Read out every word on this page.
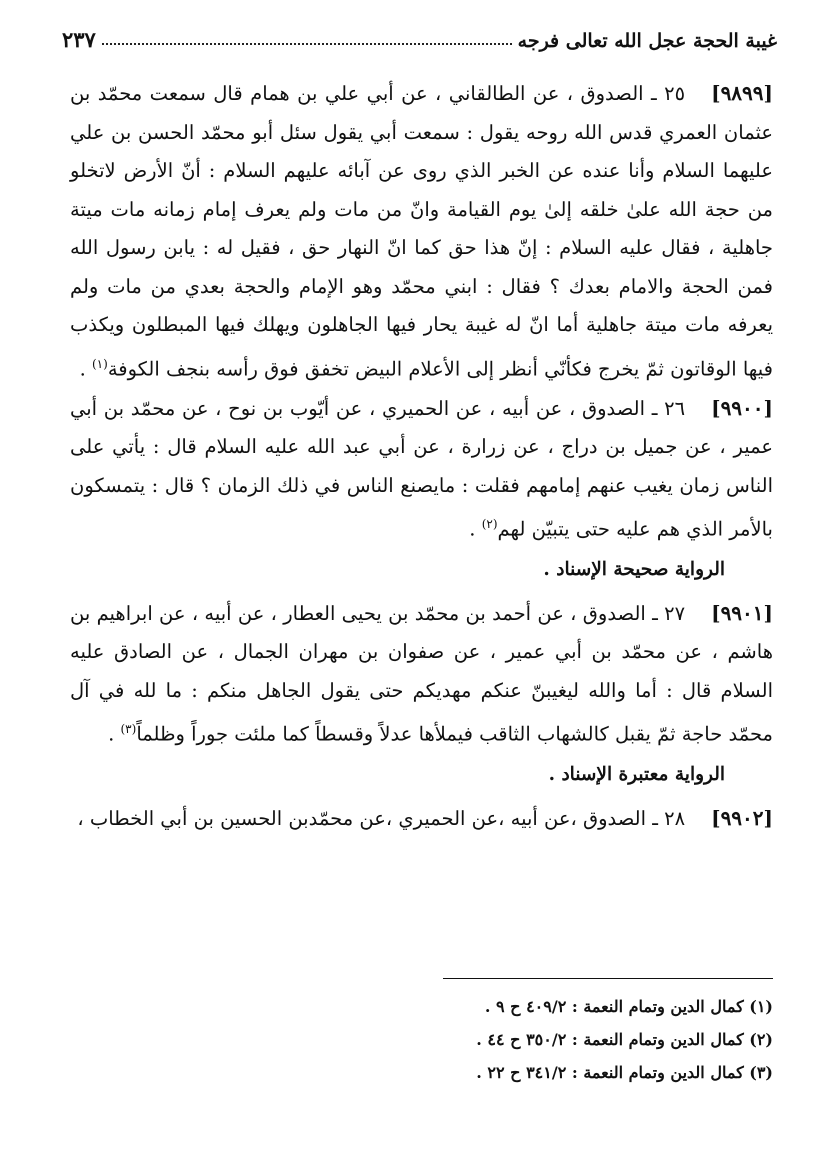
٢٣٧	غيبة الحجة عجل الله تعالى فرجه

[٩٨٩٩]٢٥ ـ الصدوق ، عن الطالقاني ، عن أبي علي بن همام قال سمعت محمّد بن عثمان العمري قدس الله روحه يقول : سمعت أبي يقول سئل أبو محمّد الحسن بن علي عليهما السلام وأنا عنده عن الخبر الذي روى عن آبائه عليهم السلام : أنّ الأرض لاتخلو من حجة الله علىٰ خلقه إلىٰ يوم القيامة وانّ من مات ولم يعرف إمام زمانه مات ميتة جاهلية ، فقال عليه السلام : إنّ هذا حق كما انّ النهار حق ، فقيل له : يابن رسول الله فمن الحجة والامام بعدك ؟ فقال : ابني محمّد وهو الإمام والحجة بعدي من مات ولم يعرفه مات ميتة جاهلية أما انّ له غيبة يحار فيها الجاهلون ويهلك فيها المبطلون ويكذب فيها الوقاتون ثمّ يخرج فكأنّي أنظر إلى الأعلام البيض تخفق فوق رأسه بنجف الكوفة$^{(١)}$ .

[٩٩٠٠]٢٦ ـ الصدوق ، عن أبيه ، عن الحميري ، عن أيّوب بن نوح ، عن محمّد بن أبي عمير ، عن جميل بن دراج ، عن زرارة ، عن أبي عبد الله عليه السلام قال : يأتي على الناس زمان يغيب عنهم إمامهم فقلت : مايصنع الناس في ذلك الزمان ؟ قال : يتمسكون بالأمر الذي هم عليه حتى يتبيّن لهم$^{(٢)}$ .

الرواية صحيحة الإسناد .

[٩٩٠١]٢٧ ـ الصدوق ، عن أحمد بن محمّد بن يحيى العطار ، عن أبيه ، عن ابراهيم بن هاشم ، عن محمّد بن أبي عمير ، عن صفوان بن مهران الجمال ، عن الصادق عليه السلام قال : أما والله ليغيبنّ عنكم مهديكم حتى يقول الجاهل منكم : ما لله في آل محمّد حاجة ثمّ يقبل كالشهاب الثاقب فيملأها عدلاً وقسطاً كما ملئت جوراً وظلماً$^{(٣)}$ .

الرواية معتبرة الإسناد .

[٩٩٠٢]٢٨ ـ الصدوق ،عن أبيه ،عن الحميري ،عن محمّدبن الحسين بن أبي الخطاب ،

(١) كمال الدين وتمام النعمة : ٤٠٩/٢ ح ٩ .
(٢) كمال الدين وتمام النعمة : ٣٥٠/٢ ح ٤٤ .
(٣) كمال الدين وتمام النعمة : ٣٤١/٢ ح ٢٢ .
